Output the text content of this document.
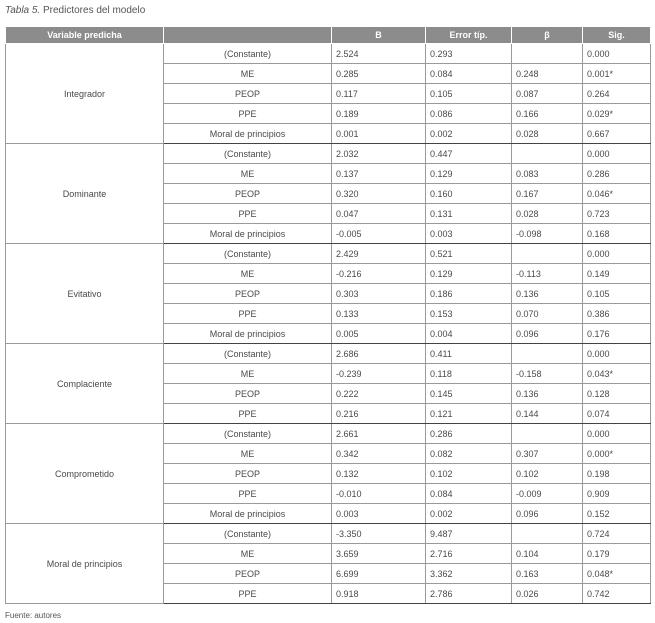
Tabla 5. Predictores del modelo
Variable predicha		B	Error típ.	β	Sig.
Integrador	(Constante)	2.524	0.293		0.000
	ME	0.285	0.084	0.248	0.001*
	PEOP	0.117	0.105	0.087	0.264
	PPE	0.189	0.086	0.166	0.029*
	Moral de principios	0.001	0.002	0.028	0.667
Dominante	(Constante)	2.032	0.447		0.000
	ME	0.137	0.129	0.083	0.286
	PEOP	0.320	0.160	0.167	0.046*
	PPE	0.047	0.131	0.028	0.723
	Moral de principios	-0.005	0.003	-0.098	0.168
Evitativo	(Constante)	2.429	0.521		0.000
	ME	-0.216	0.129	-0.113	0.149
	PEOP	0.303	0.186	0.136	0.105
	PPE	0.133	0.153	0.070	0.386
	Moral de principios	0.005	0.004	0.096	0.176
Complaciente	(Constante)	2.686	0.411		0.000
	ME	-0.239	0.118	-0.158	0.043*
	PEOP	0.222	0.145	0.136	0.128
	PPE	0.216	0.121	0.144	0.074
Comprometido	(Constante)	2.661	0.286		0.000
	ME	0.342	0.082	0.307	0.000*
	PEOP	0.132	0.102	0.102	0.198
	PPE	-0.010	0.084	-0.009	0.909
	Moral de principios	0.003	0.002	0.096	0.152
Moral de principios	(Constante)	-3.350	9.487		0.724
	ME	3.659	2.716	0.104	0.179
	PEOP	6.699	3.362	0.163	0.048*
	PPE	0.918	2.786	0.026	0.742
Fuente: autores
